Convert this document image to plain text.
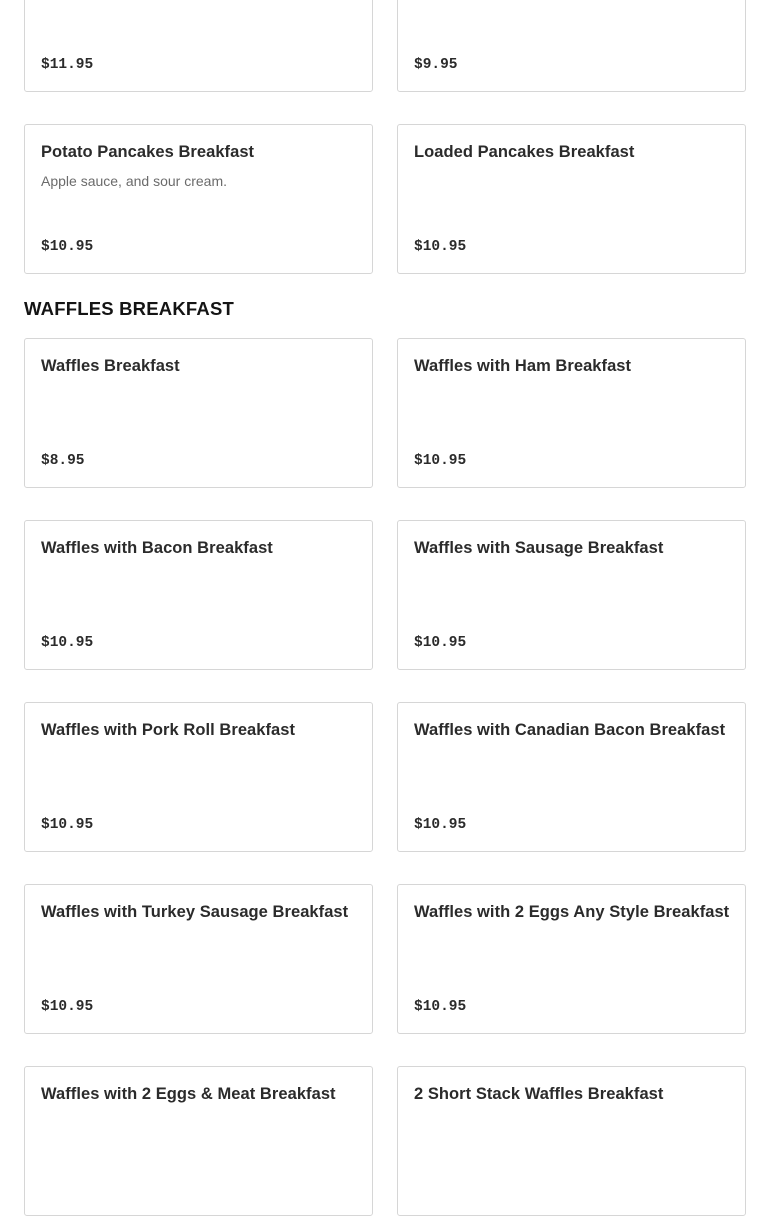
$11.95	$9.95
Potato Pancakes Breakfast
Apple sauce, and sour cream.
$10.95
Loaded Pancakes Breakfast
$10.95
WAFFLES BREAKFAST
Waffles Breakfast
$8.95
Waffles with Ham Breakfast
$10.95
Waffles with Bacon Breakfast
$10.95
Waffles with Sausage Breakfast
$10.95
Waffles with Pork Roll Breakfast
$10.95
Waffles with Canadian Bacon Breakfast
$10.95
Waffles with Turkey Sausage Breakfast
$10.95
Waffles with 2 Eggs Any Style Breakfast
$10.95
Waffles with 2 Eggs & Meat Breakfast	2 Short Stack Waffles Breakfast
